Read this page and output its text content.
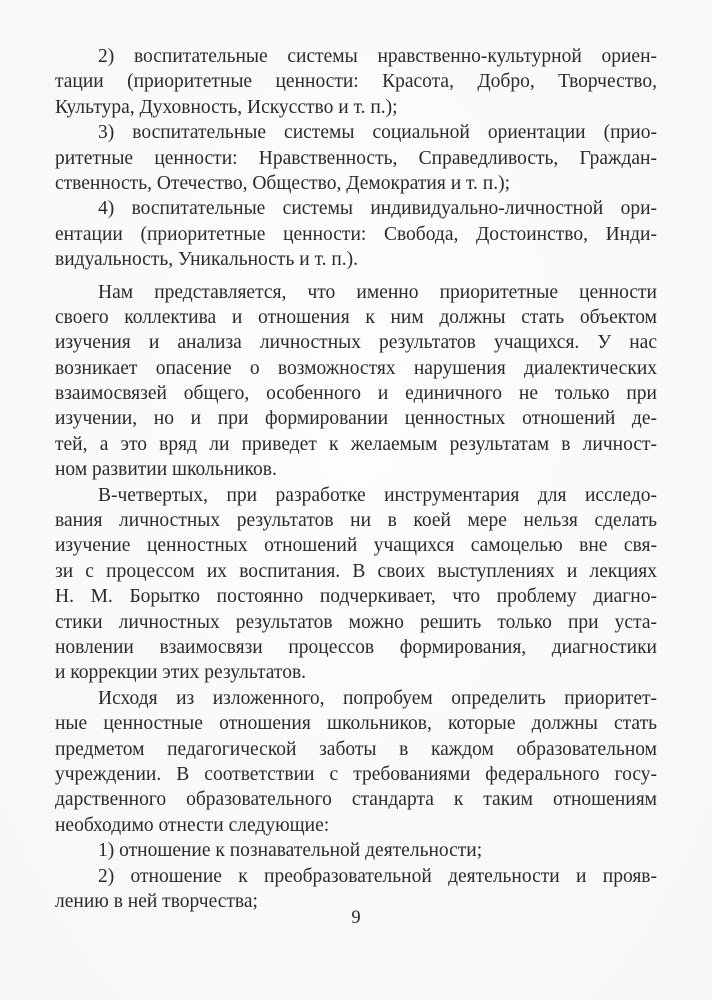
2) воспитательные системы нравственно-культурной ориен-
тации (приоритетные ценности: Красота, Добро, Творчество,
Культура, Духовность, Искусство и т. п.);
3) воспитательные системы социальной ориентации (прио-
ритетные ценности: Нравственность, Справедливость, Граждан-
ственность, Отечество, Общество, Демократия и т. п.);
4) воспитательные системы индивидуально-личностной ори-
ентации (приоритетные ценности: Свобода, Достоинство, Инди-
видуальность, Уникальность и т. п.).
Нам представляется, что именно приоритетные ценности
своего коллектива и отношения к ним должны стать объектом
изучения и анализа личностных результатов учащихся. У нас
возникает опасение о возможностях нарушения диалектических
взаимосвязей общего, особенного и единичного не только при
изучении, но и при формировании ценностных отношений де-
тей, а это вряд ли приведет к желаемым результатам в личност-
ном развитии школьников.
В-четвертых, при разработке инструментария для исследо-
вания личностных результатов ни в коей мере нельзя сделать
изучение ценностных отношений учащихся самоцелью вне свя-
зи с процессом их воспитания. В своих выступлениях и лекциях
Н. М. Борытко постоянно подчеркивает, что проблему диагно-
стики личностных результатов можно решить только при уста-
новлении взаимосвязи процессов формирования, диагностики
и коррекции этих результатов.
Исходя из изложенного, попробуем определить приоритет-
ные ценностные отношения школьников, которые должны стать
предметом педагогической заботы в каждом образовательном
учреждении. В соответствии с требованиями федерального госу-
дарственного образовательного стандарта к таким отношениям
необходимо отнести следующие:
1) отношение к познавательной деятельности;
2) отношение к преобразовательной деятельности и прояв-
лению в ней творчества;
9
